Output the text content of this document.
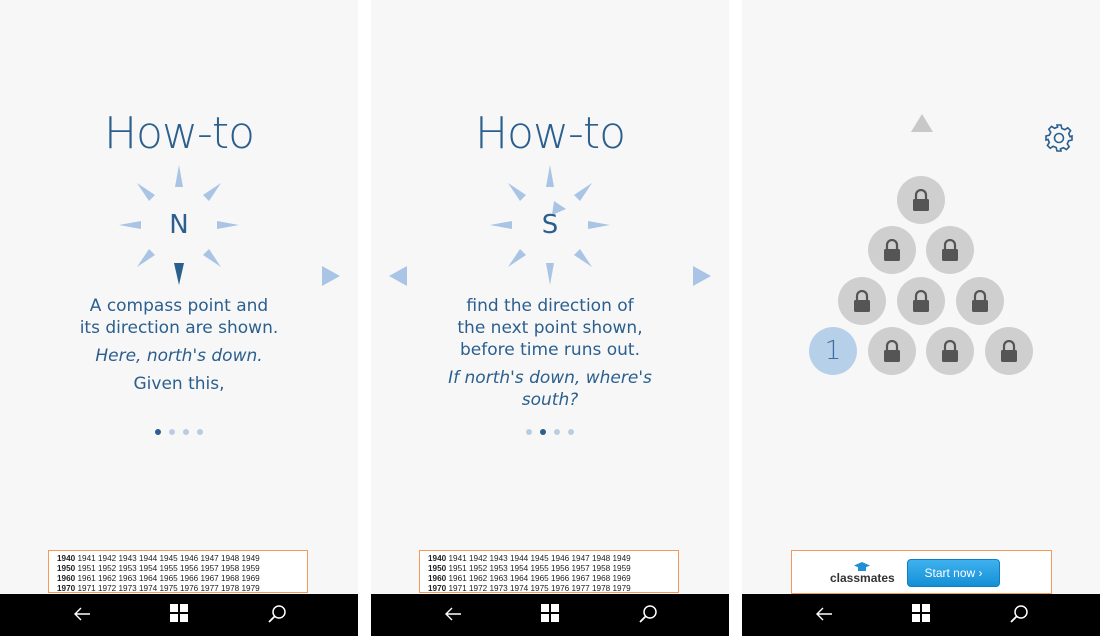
How-to
N
A compass point and
its direction are shown.
Here, north's down.
Given this,
1940 1941 1942 1943 1944 1945 1946 1947 1948 1949
1950 1951 1952 1953 1954 1955 1956 1957 1958 1959
1960 1961 1962 1963 1964 1965 1966 1967 1968 1969
1970 1971 1972 1973 1974 1975 1976 1977 1978 1979
How-to
S
find the direction of
the next point shown,
before time runs out.
If north's down, where's
south?
1940 1941 1942 1943 1944 1945 1946 1947 1948 1949
1950 1951 1952 1953 1954 1955 1956 1957 1958 1959
1960 1961 1962 1963 1964 1965 1966 1967 1968 1969
1970 1971 1972 1973 1974 1975 1976 1977 1978 1979
1
classmates	Start now ›
